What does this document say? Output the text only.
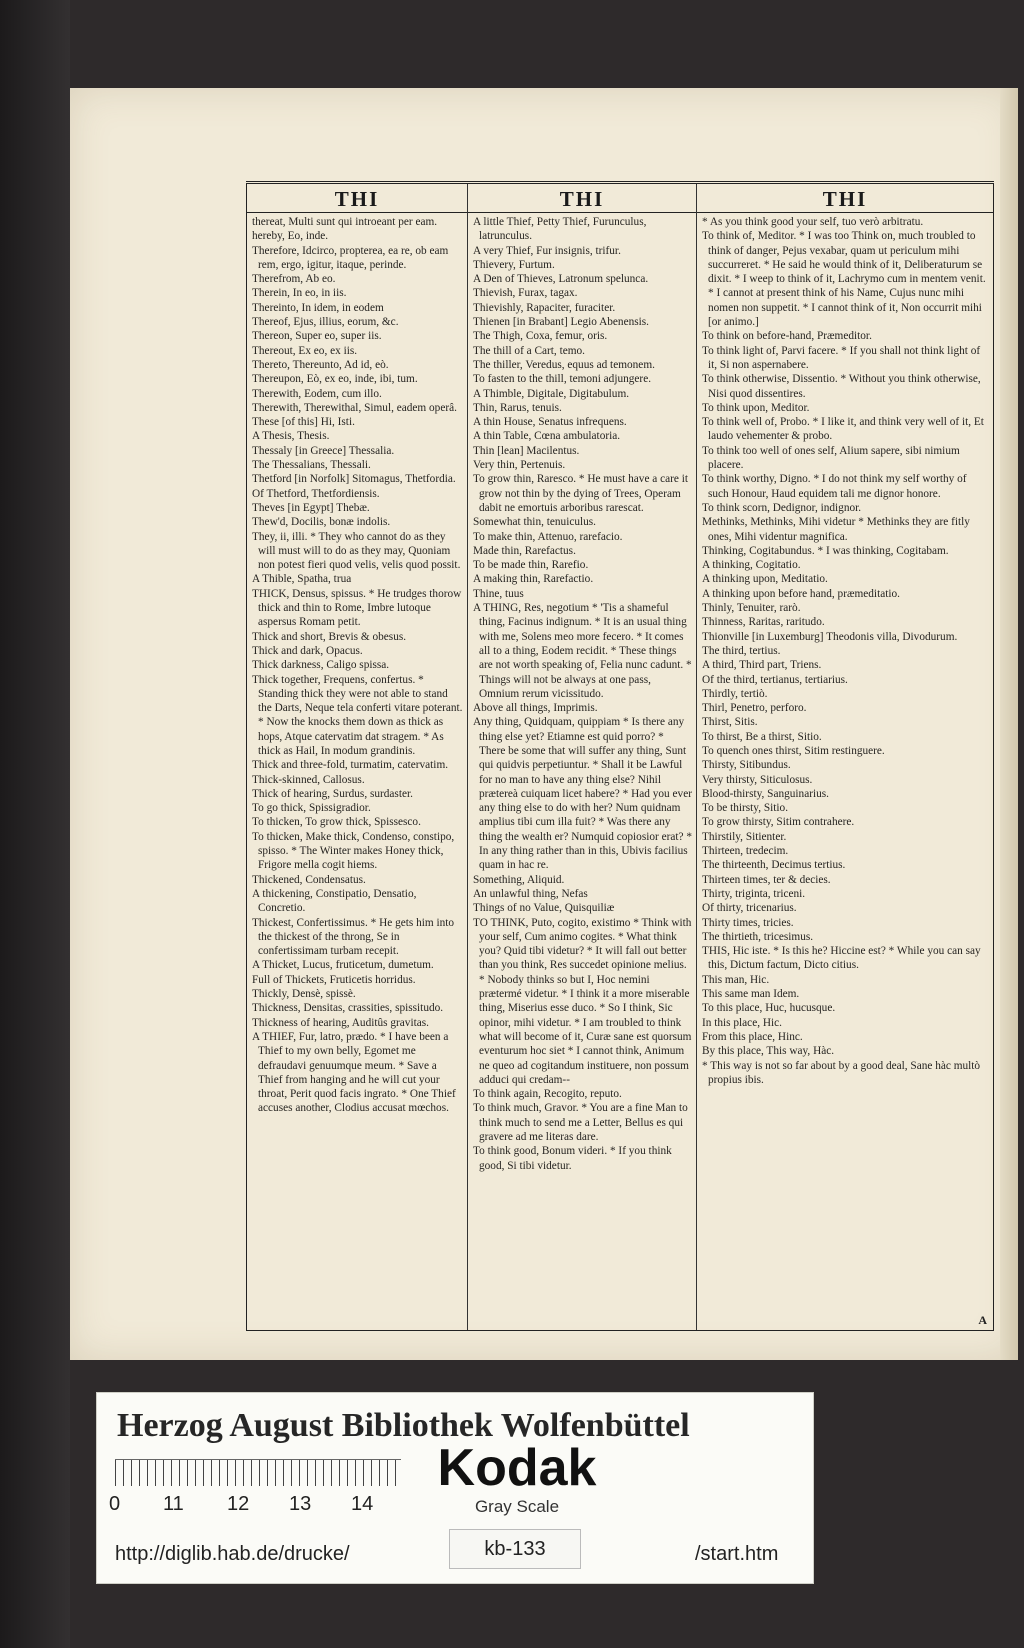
THI

thereat, Multi sunt qui introeant per eam.

hereby, Eo, inde.

Therefore, Idcirco, propterea, ea re, ob eam rem, ergo, igitur, itaque, perinde.

Therefrom, Ab eo.

Therein, In eo, in iis.

Thereinto, In idem, in eodem

Thereof, Ejus, illius, eorum, &c.

Thereon, Super eo, super iis.

Thereout, Ex eo, ex iis.

Thereto, Thereunto, Ad id, eò.

Thereupon, Eò, ex eo, inde, ibi, tum.

Therewith, Eodem, cum illo.

Therewith, Therewithal, Simul, eadem operâ.

These [of this] Hi, Isti.

A Thesis, Thesis.

Thessaly [in Greece] Thessalia.

The Thessalians, Thessali.

Thetford [in Norfolk] Sitomagus, Thetfordia.

Of Thetford, Thetfordiensis.

Theves [in Egypt] Thebæ.

Thew'd, Docilis, bonæ indolis.

They, ii, illi. * They who cannot do as they will must will to do as they may, Quoniam non potest fieri quod velis, velis quod possit.

A Thible, Spatha, trua

THICK, Densus, spissus. * He trudges thorow thick and thin to Rome, Imbre lutoque aspersus Romam petit.

Thick and short, Brevis & obesus.

Thick and dark, Opacus.

Thick darkness, Caligo spissa.

Thick together, Frequens, confertus. * Standing thick they were not able to stand the Darts, Neque tela conferti vitare poterant. * Now the knocks them down as thick as hops, Atque catervatim dat stragem. * As thick as Hail, In modum grandinis.

Thick and three-fold, turmatim, catervatim.

Thick-skinned, Callosus.

Thick of hearing, Surdus, surdaster.

To go thick, Spissigradior.

To thicken, To grow thick, Spissesco.

To thicken, Make thick, Condenso, constipo, spisso. * The Winter makes Honey thick, Frigore mella cogit hiems.

Thickened, Condensatus.

A thickening, Constipatio, Densatio, Concretio.

Thickest, Confertissimus. * He gets him into the thickest of the throng, Se in confertissimam turbam recepit.

A Thicket, Lucus, fruticetum, dumetum.

Full of Thickets, Fruticetis horridus.

Thickly, Densè, spissè.

Thickness, Densitas, crassities, spissitudo.

Thickness of hearing, Auditûs gravitas.

A THIEF, Fur, latro, prædo. * I have been a Thief to my own belly, Egomet me defraudavi genuumque meum. * Save a Thief from hanging and he will cut your throat, Perit quod facis ingrato. * One Thief accuses another, Clodius accusat mœchos.

THI

A little Thief, Petty Thief, Furunculus, latrunculus.

A very Thief, Fur insignis, trifur.

Thievery, Furtum.

A Den of Thieves, Latronum spelunca.

Thievish, Furax, tagax.

Thievishly, Rapaciter, furaciter.

Thienen [in Brabant] Legio Abenensis.

The Thigh, Coxa, femur, oris.

The thill of a Cart, temo.

The thiller, Veredus, equus ad temonem.

To fasten to the thill, temoni adjungere.

A Thimble, Digitale, Digitabulum.

Thin, Rarus, tenuis.

A thin House, Senatus infrequens.

A thin Table, Cœna ambulatoria.

Thin [lean] Macilentus.

Very thin, Pertenuis.

To grow thin, Raresco. * He must have a care it grow not thin by the dying of Trees, Operam dabit ne emortuis arboribus rarescat.

Somewhat thin, tenuiculus.

To make thin, Attenuo, rarefacio.

Made thin, Rarefactus.

To be made thin, Rarefio.

A making thin, Rarefactio.

Thine, tuus

A THING, Res, negotium * 'Tis a shameful thing, Facinus indignum. * It is an usual thing with me, Solens meo more fecero. * It comes all to a thing, Eodem recidit. * These things are not worth speaking of, Felia nunc cadunt. * Things will not be always at one pass, Omnium rerum vicissitudo.

Above all things, Imprimis.

Any thing, Quidquam, quippiam * Is there any thing else yet? Etiamne est quid porro? * There be some that will suffer any thing, Sunt qui quidvis perpetiuntur. * Shall it be Lawful for no man to have any thing else? Nihil prætereà cuiquam licet habere? * Had you ever any thing else to do with her? Num quidnam amplius tibi cum illa fuit? * Was there any thing the wealth er? Numquid copiosior erat? * In any thing rather than in this, Ubivis facilius quam in hac re.

Something, Aliquid.

An unlawful thing, Nefas

Things of no Value, Quisquiliæ

TO THINK, Puto, cogito, existimo * Think with your self, Cum animo cogites. * What think you? Quid tibi videtur? * It will fall out better than you think, Res succedet opinione melius. * Nobody thinks so but I, Hoc nemini prætermé videtur. * I think it a more miserable thing, Miserius esse duco. * So I think, Sic opinor, mihi videtur. * I am troubled to think what will become of it, Curæ sane est quorsum eventurum hoc siet * I cannot think, Animum ne queo ad cogitandum instituere, non possum adduci qui credam--

To think again, Recogito, reputo.

To think much, Gravor. * You are a fine Man to think much to send me a Letter, Bellus es qui gravere ad me literas dare.

To think good, Bonum videri. * If you think good, Si tibi videtur.

THI

* As you think good your self, tuo verò arbitratu.

To think of, Meditor. * I was too Think on, much troubled to think of danger, Pejus vexabar, quam ut periculum mihi succurreret. * He said he would think of it, Deliberaturum se dixit. * I weep to think of it, Lachrymo cum in mentem venit. * I cannot at present think of his Name, Cujus nunc mihi nomen non suppetit. * I cannot think of it, Non occurrit mihi [or animo.]

To think on before-hand, Præmeditor.

To think light of, Parvi facere. * If you shall not think light of it, Si non aspernabere.

To think otherwise, Dissentio. * Without you think otherwise, Nisi quod dissentires.

To think upon, Meditor.

To think well of, Probo. * I like it, and think very well of it, Et laudo vehementer & probo.

To think too well of ones self, Alium sapere, sibi nimium placere.

To think worthy, Digno. * I do not think my self worthy of such Honour, Haud equidem tali me dignor honore.

To think scorn, Dedignor, indignor.

Methinks, Methinks, Mihi videtur * Methinks they are fitly ones, Mihi videntur magnifica.

Thinking, Cogitabundus. * I was thinking, Cogitabam.

A thinking, Cogitatio.

A thinking upon, Meditatio.

A thinking upon before hand, præmeditatio.

Thinly, Tenuiter, rarò.

Thinness, Raritas, raritudo.

Thionville [in Luxemburg] Theodonis villa, Divodurum.

The third, tertius.

A third, Third part, Triens.

Of the third, tertianus, tertiarius.

Thirdly, tertiò.

Thirl, Penetro, perforo.

Thirst, Sitis.

To thirst, Be a thirst, Sitio.

To quench ones thirst, Sitim restinguere.

Thirsty, Sitibundus.

Very thirsty, Siticulosus.

Blood-thirsty, Sanguinarius.

To be thirsty, Sitio.

To grow thirsty, Sitim contrahere.

Thirstily, Sitienter.

Thirteen, tredecim.

The thirteenth, Decimus tertius.

Thirteen times, ter & decies.

Thirty, triginta, triceni.

Of thirty, tricenarius.

Thirty times, tricies.

The thirtieth, tricesimus.

THIS, Hic iste. * Is this he? Hiccine est? * While you can say this, Dictum factum, Dicto citius.

This man, Hic.

This same man Idem.

To this place, Huc, hucusque.

In this place, Hic.

From this place, Hinc.

By this place, This way, Hàc.

* This way is not so far about by a good deal, Sane hàc multò propius ibis.

A
Herzog August Bibliothek Wolfenbüttel
0 11 12 13 14
Kodak
Gray Scale
http://diglib.hab.de/drucke/	kb-133	/start.htm
